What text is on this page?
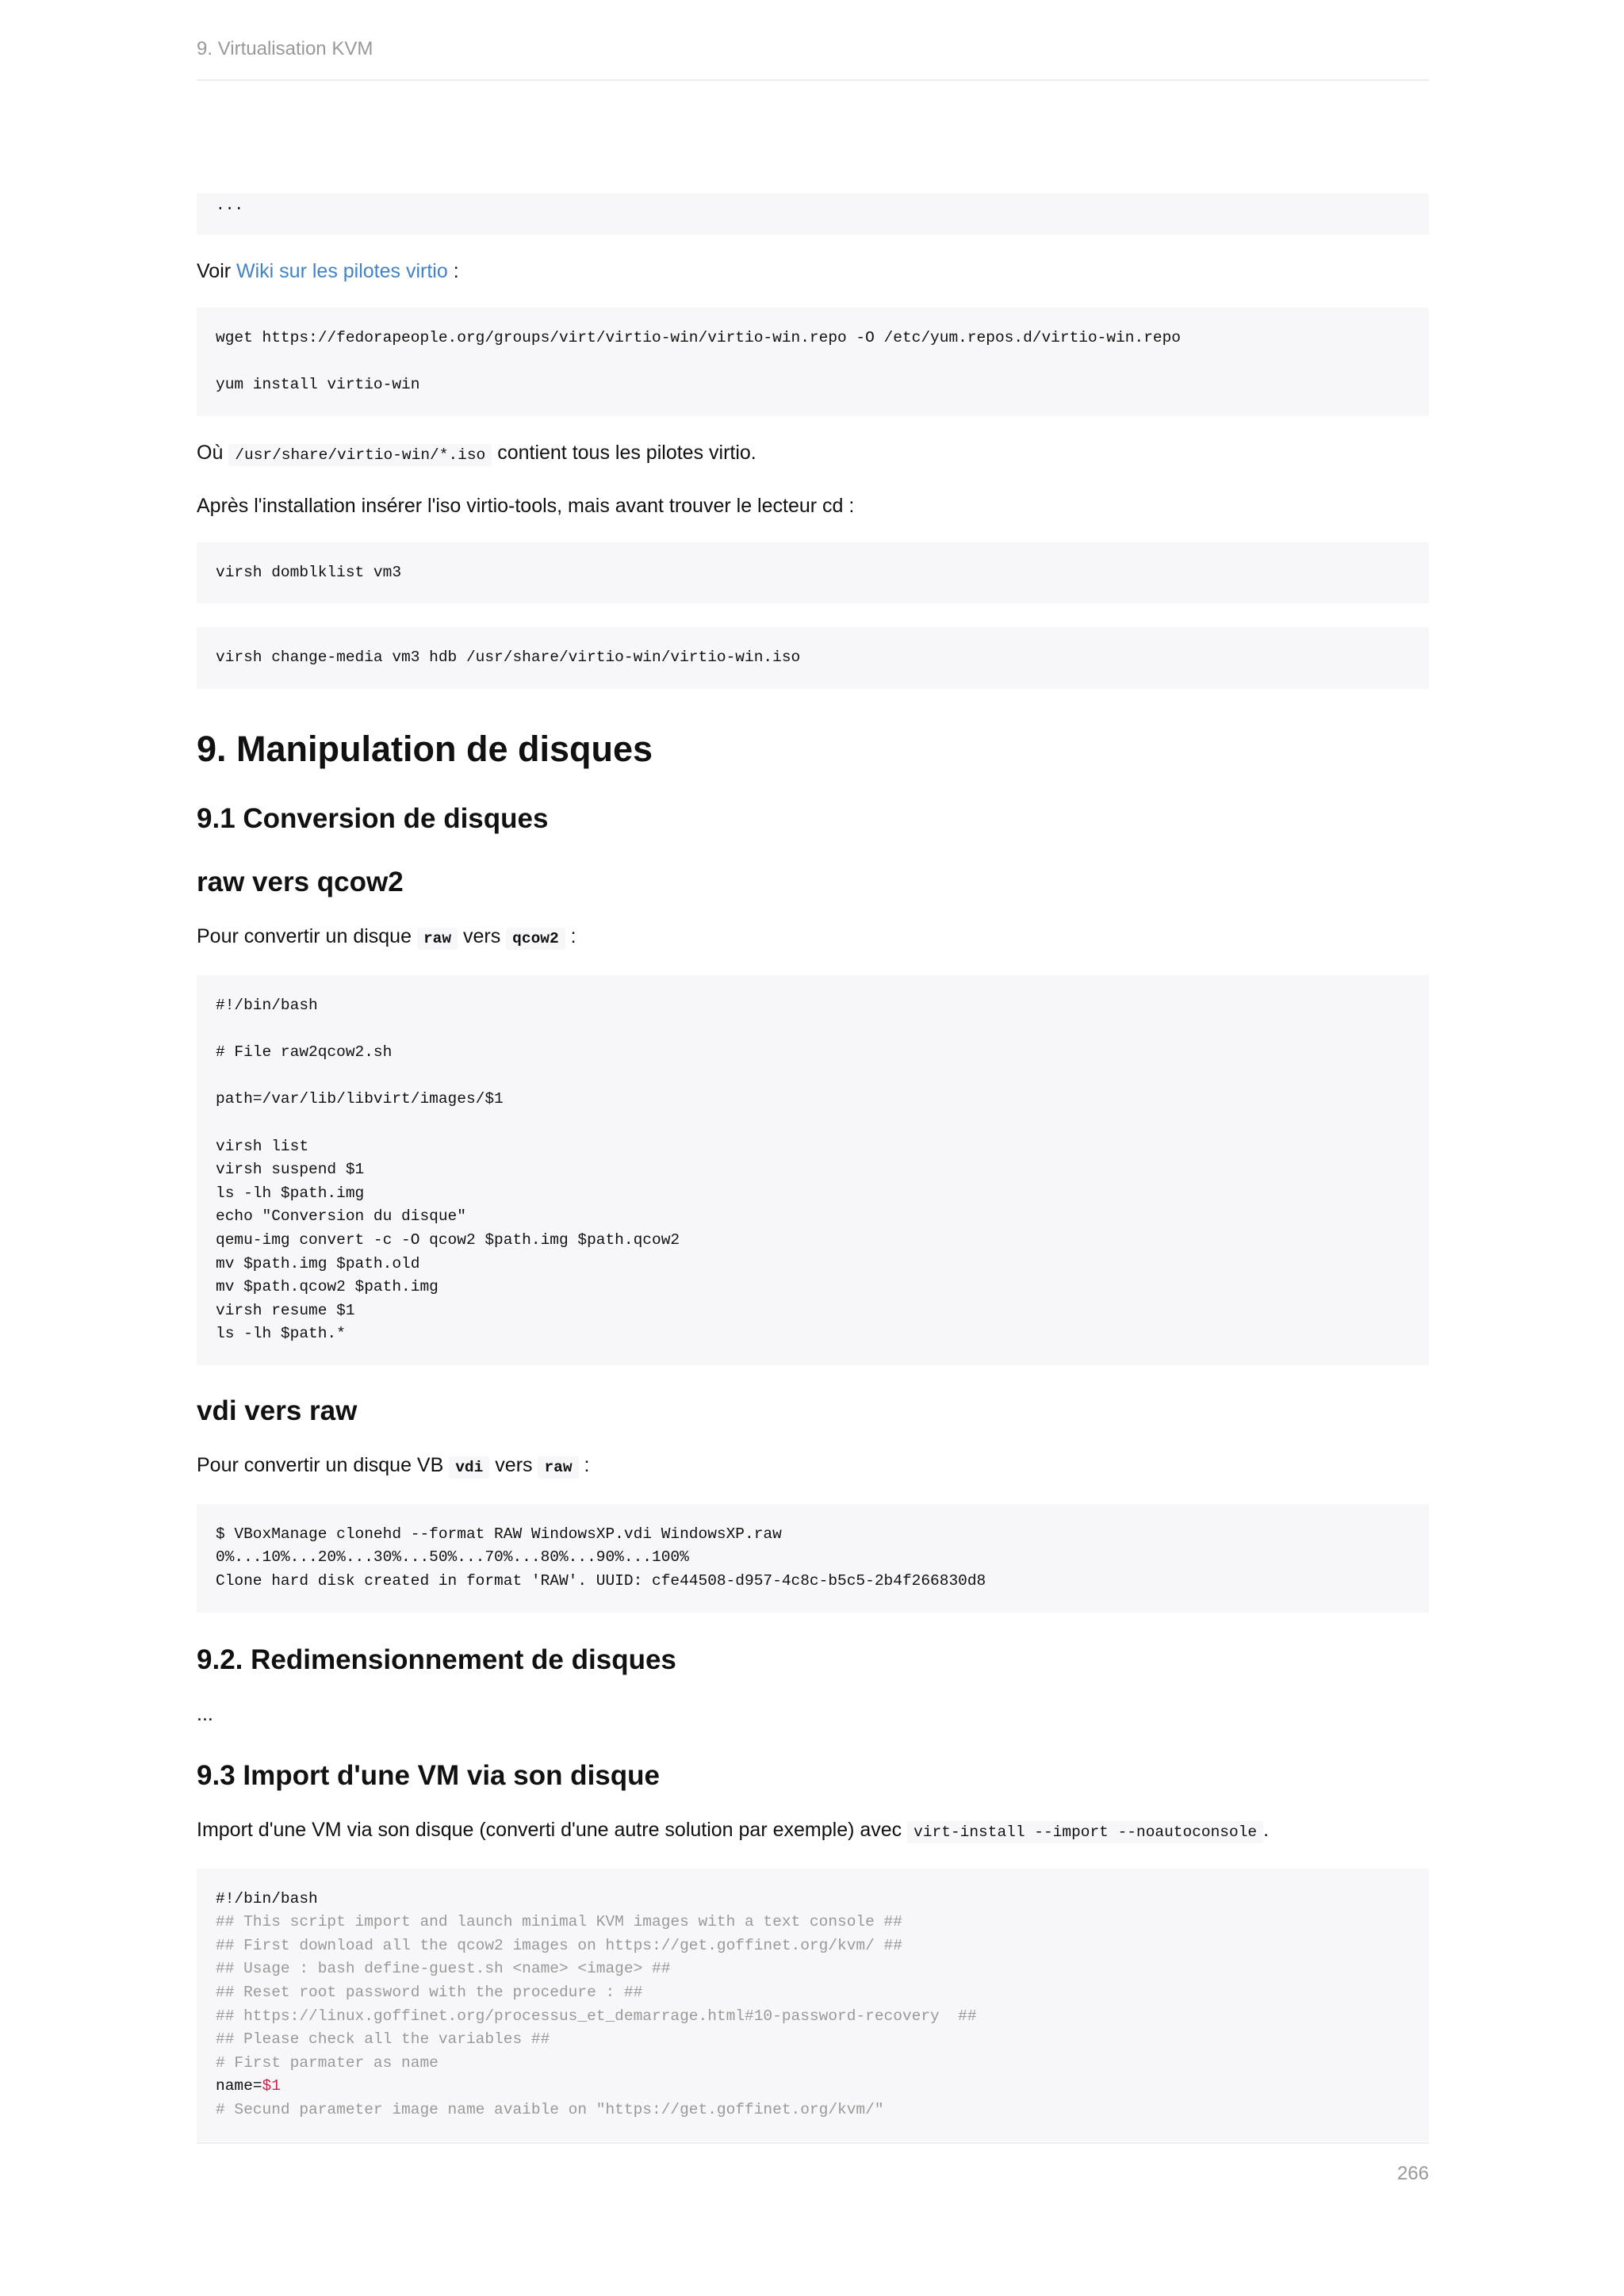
9. Virtualisation KVM
...

Voir Wiki sur les pilotes virtio :

wget https://fedorapeople.org/groups/virt/virtio-win/virtio-win.repo -O /etc/yum.repos.d/virtio-win.repo

yum install virtio-win

Où /usr/share/virtio-win/*.iso contient tous les pilotes virtio.

Après l'installation insérer l'iso virtio-tools, mais avant trouver le lecteur cd :

virsh domblklist vm3
virsh change-media vm3 hdb /usr/share/virtio-win/virtio-win.iso
9. Manipulation de disques
9.1 Conversion de disques
raw vers qcow2

Pour convertir un disque raw vers qcow2 :

#!/bin/bash

# File raw2qcow2.sh

path=/var/lib/libvirt/images/$1

virsh list
virsh suspend $1
ls -lh $path.img
echo "Conversion du disque"
qemu-img convert -c -O qcow2 $path.img $path.qcow2
mv $path.img $path.old
mv $path.qcow2 $path.img
virsh resume $1
ls -lh $path.*
vdi vers raw

Pour convertir un disque VB vdi vers raw :

$ VBoxManage clonehd --format RAW WindowsXP.vdi WindowsXP.raw
0%...10%...20%...30%...50%...70%...80%...90%...100%
Clone hard disk created in format 'RAW'. UUID: cfe44508-d957-4c8c-b5c5-2b4f266830d8
9.2. Redimensionnement de disques

...

9.3 Import d'une VM via son disque

Import d'une VM via son disque (converti d'une autre solution par exemple) avec virt-install --import --noautoconsole .

#!/bin/bash
## This script import and launch minimal KVM images with a text console ##
## First download all the qcow2 images on https://get.goffinet.org/kvm/ ##
## Usage : bash define-guest.sh <name> <image> ##
## Reset root password with the procedure : ##
## https://linux.goffinet.org/processus_et_demarrage.html#10-password-recovery  ##
## Please check all the variables ##
# First parmater as name
name=$1
# Secund parameter image name avaible on "https://get.goffinet.org/kvm/"
266
